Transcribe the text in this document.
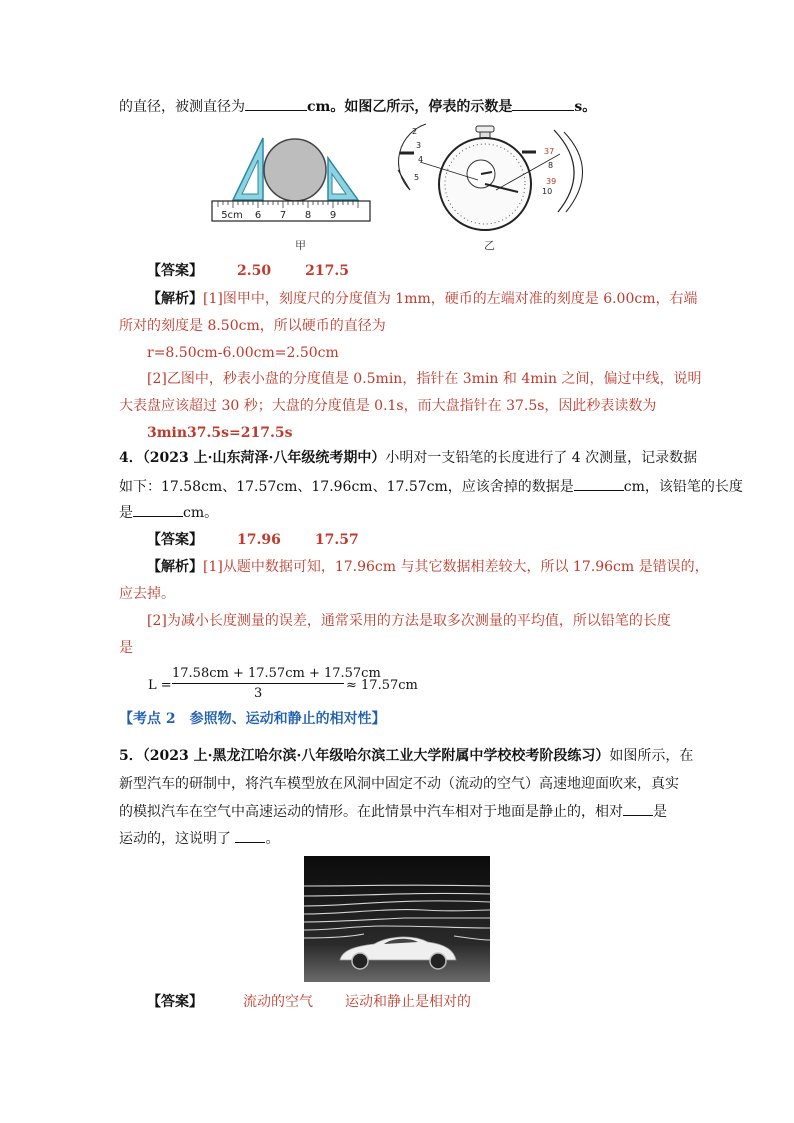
的直径，被测直径为	cm。如图乙所示，停表的示数是	s。
5cm 6 7 8 9
甲
2
3
4
5
37
8
39
10
乙
【答案】 2.50 217.5
【解析】[1]图甲中，刻度尺的分度值为 1mm，硬币的左端对准的刻度是 6.00cm，右端
所对的刻度是 8.50cm，所以硬币的直径为
r=8.50cm-6.00cm=2.50cm
[2]乙图中，秒表小盘的分度值是 0.5min，指针在 3min 和 4min 之间，偏过中线，说明
大表盘应该超过 30 秒；大盘的分度值是 0.1s，而大盘指针在 37.5s，因此秒表读数为
3min37.5s=217.5s
4．（2023 上·山东菏泽·八年级统考期中）小明对一支铅笔的长度进行了 4 次测量，记录数据
如下：17.58cm、17.57cm、17.96cm、17.57cm，应该舍掉的数据是	cm，该铅笔的长度
是	cm。
【答案】 17.96 17.57
【解析】[1]从题中数据可知，17.96cm 与其它数据相差较大，所以 17.96cm 是错误的，
应去掉。
[2]为减小长度测量的误差，通常采用的方法是取多次测量的平均值，所以铅笔的长度
是
L =
17.58cm + 17.57cm + 17.57cm
3
≈ 17.57cm
【考点 2　参照物、运动和静止的相对性】
5．（2023 上·黑龙江哈尔滨·八年级哈尔滨工业大学附属中学校校考阶段练习）如图所示，在
新型汽车的研制中，将汽车模型放在风洞中固定不动（流动的空气）高速地迎面吹来，真实
的模拟汽车在空气中高速运动的情形。在此情景中汽车相对于地面是静止的，相对 是
运动的，这说明了 。
【答案】	流动的空气 运动和静止是相对的
